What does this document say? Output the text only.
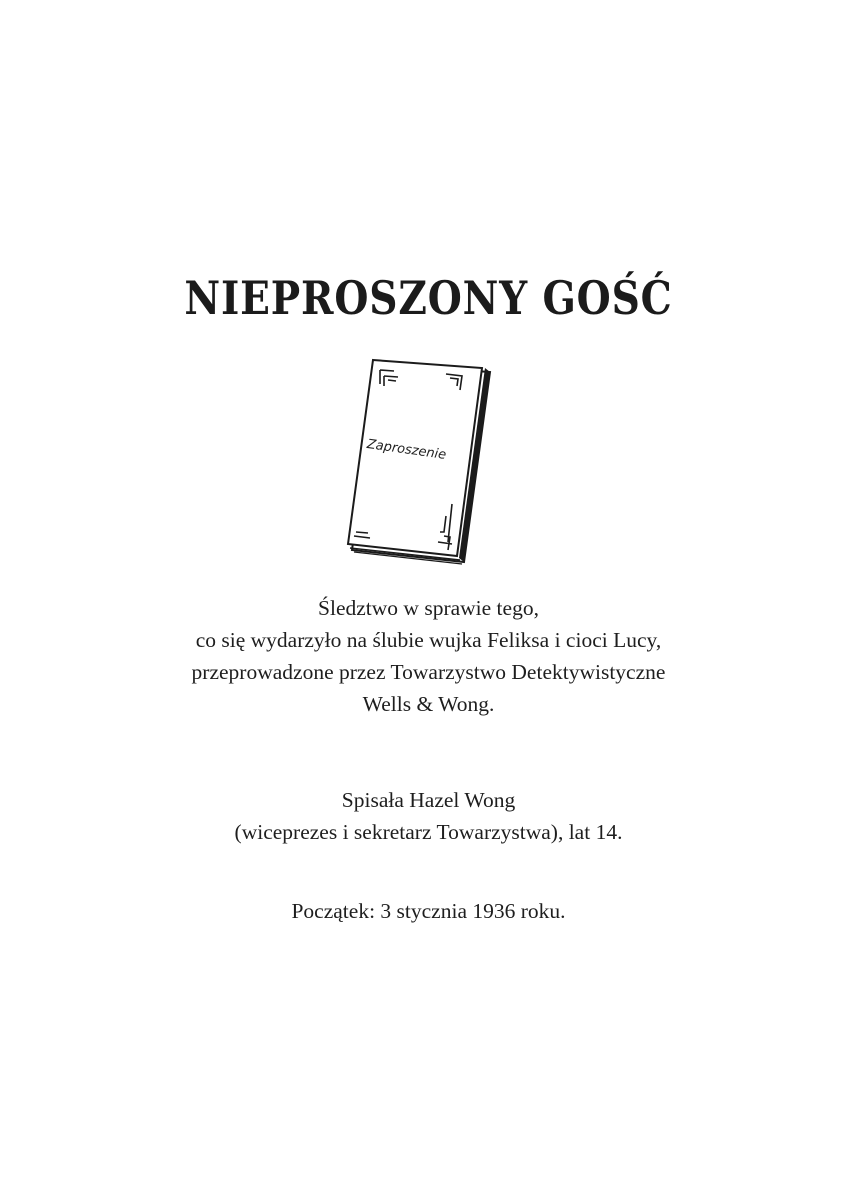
NIEPROSZONY GOŚĆ
Zaproszenie
Śledztwo w sprawie tego,
co się wydarzyło na ślubie wujka Feliksa i cioci Lucy,
przeprowadzone przez Towarzystwo Detektywistyczne
Wells & Wong.
Spisała Hazel Wong
(wiceprezes i sekretarz Towarzystwa), lat 14.
Początek: 3 stycznia 1936 roku.
